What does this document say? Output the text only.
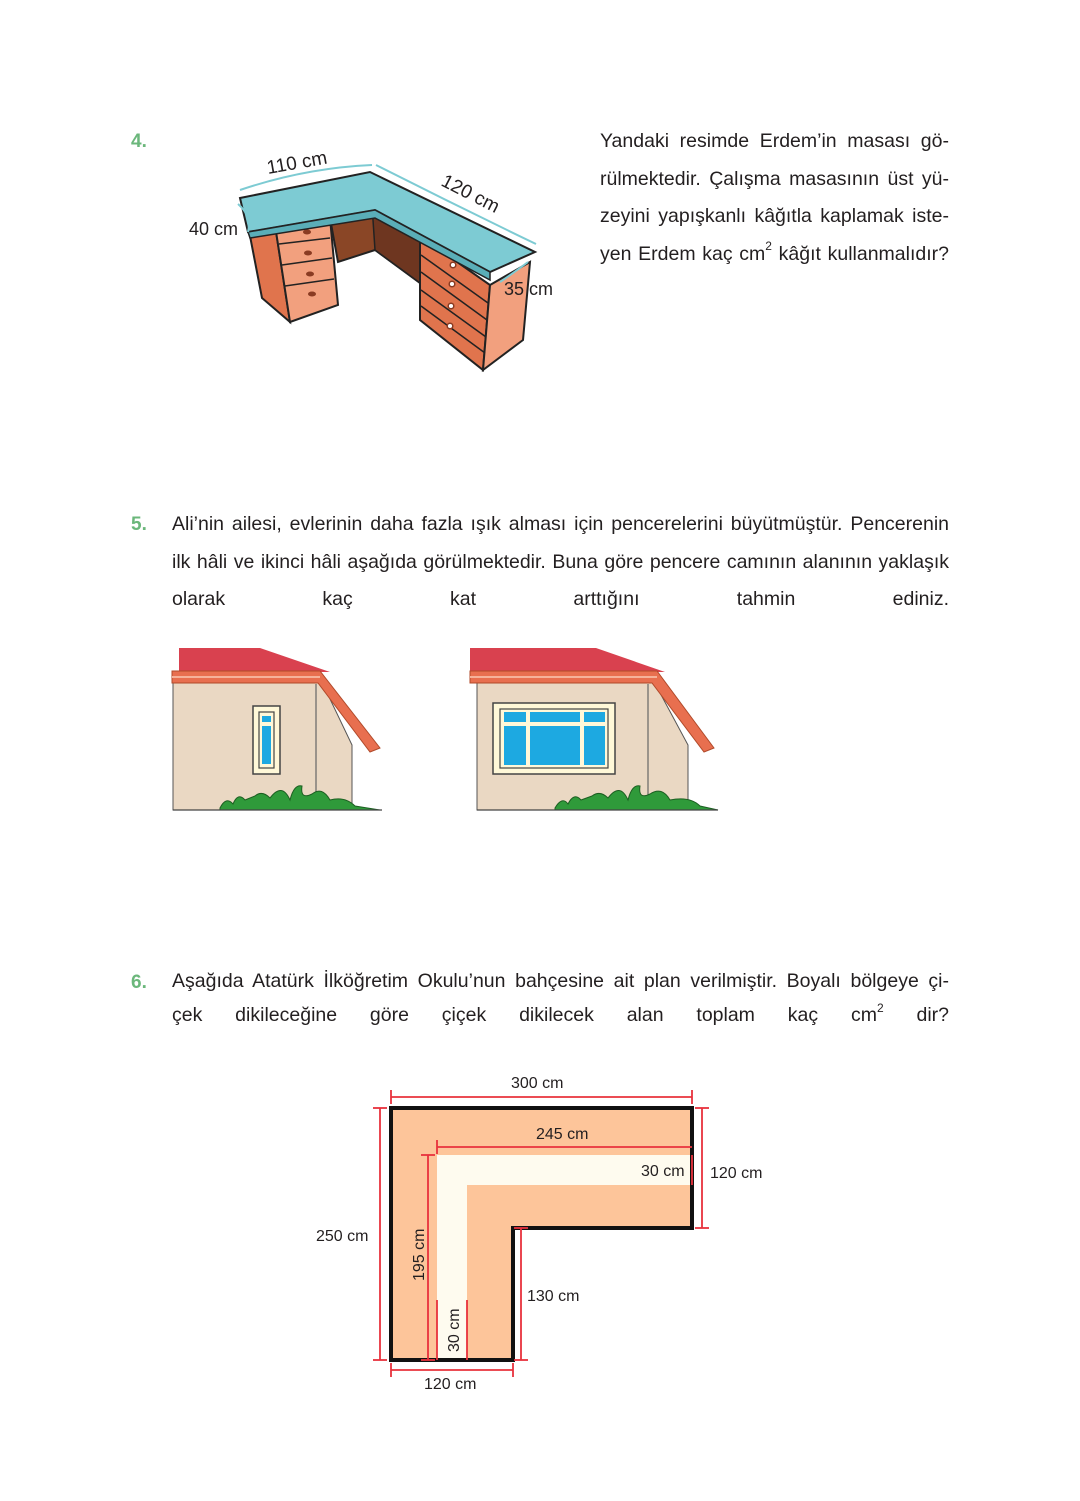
4.
110 cm
120 cm
40 cm
35 cm
Yandaki resimde Erdem’in masası gö-
rülmektedir. Çalışma masasının üst yü-
zeyini yapışkanlı kâğıtla kaplamak iste-
yen Erdem kaç $cm^2$ kâğıt kullanmalıdır?
5. Ali’nin ailesi, evlerinin daha fazla ışık alması için pencerelerini büyütmüştür. Pencerenin
ilk hâli ve ikinci hâli aşağıda görülmektedir. Buna göre pencere camının alanının yaklaşık
olarak kaç kat arttığını tahmin ediniz.
6. Aşağıda Atatürk İlköğretim Okulu’nun bahçesine ait plan verilmiştir. Boyalı bölgeye çi-
çek dikileceğine göre çiçek dikilecek alan toplam kaç $cm^2$ dir?
300 cm
245 cm
30 cm 120 cm
250 cm	195 cm
30 cm
130 cm
120 cm
